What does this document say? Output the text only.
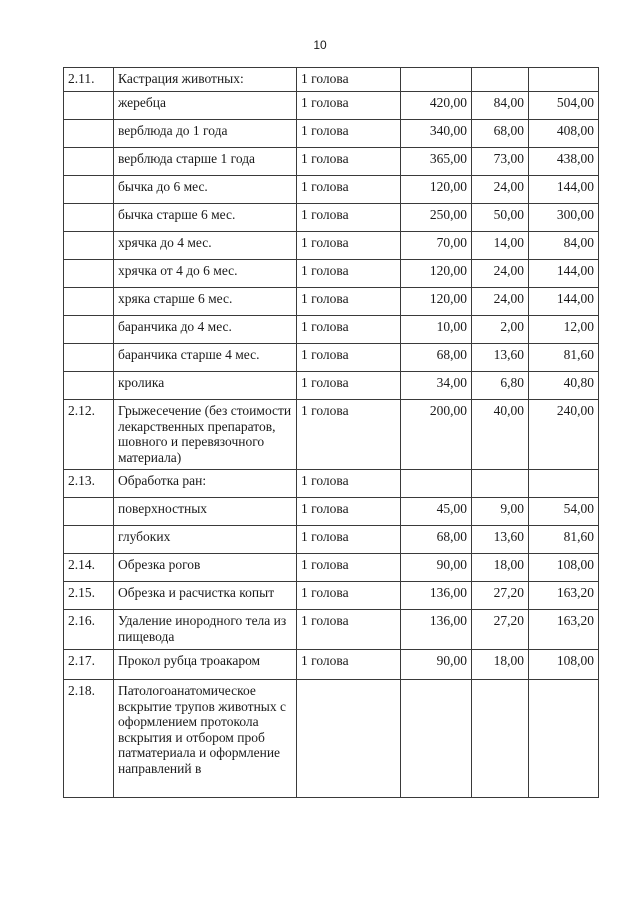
10
2.11.	Кастрация животных:	1 голова			
	жеребца	1 голова	420,00	84,00	504,00
	верблюда до 1 года	1 голова	340,00	68,00	408,00
	верблюда старше 1 года	1 голова	365,00	73,00	438,00
	бычка до 6 мес.	1 голова	120,00	24,00	144,00
	бычка старше 6 мес.	1 голова	250,00	50,00	300,00
	хрячка до 4 мес.	1 голова	70,00	14,00	84,00
	хрячка от 4 до 6 мес.	1 голова	120,00	24,00	144,00
	хряка старше 6 мес.	1 голова	120,00	24,00	144,00
	баранчика до 4 мес.	1 голова	10,00	2,00	12,00
	баранчика старше 4 мес.	1 голова	68,00	13,60	81,60
	кролика	1 голова	34,00	6,80	40,80
2.12.	Грыжесечение (без стоимости лекарственных препаратов, шовного и перевязочного материала)	1 голова	200,00	40,00	240,00
2.13.	Обработка ран:	1 голова			
	поверхностных	1 голова	45,00	9,00	54,00
	глубоких	1 голова	68,00	13,60	81,60
2.14.	Обрезка рогов	1 голова	90,00	18,00	108,00
2.15.	Обрезка и расчистка копыт	1 голова	136,00	27,20	163,20
2.16.	Удаление инородного тела из пищевода	1 голова	136,00	27,20	163,20
2.17.	Прокол рубца троакаром	1 голова	90,00	18,00	108,00
2.18.	Патологоанатомическое вскрытие трупов животных с оформлением протокола вскрытия и отбором проб патматериала и оформление направлений в				
